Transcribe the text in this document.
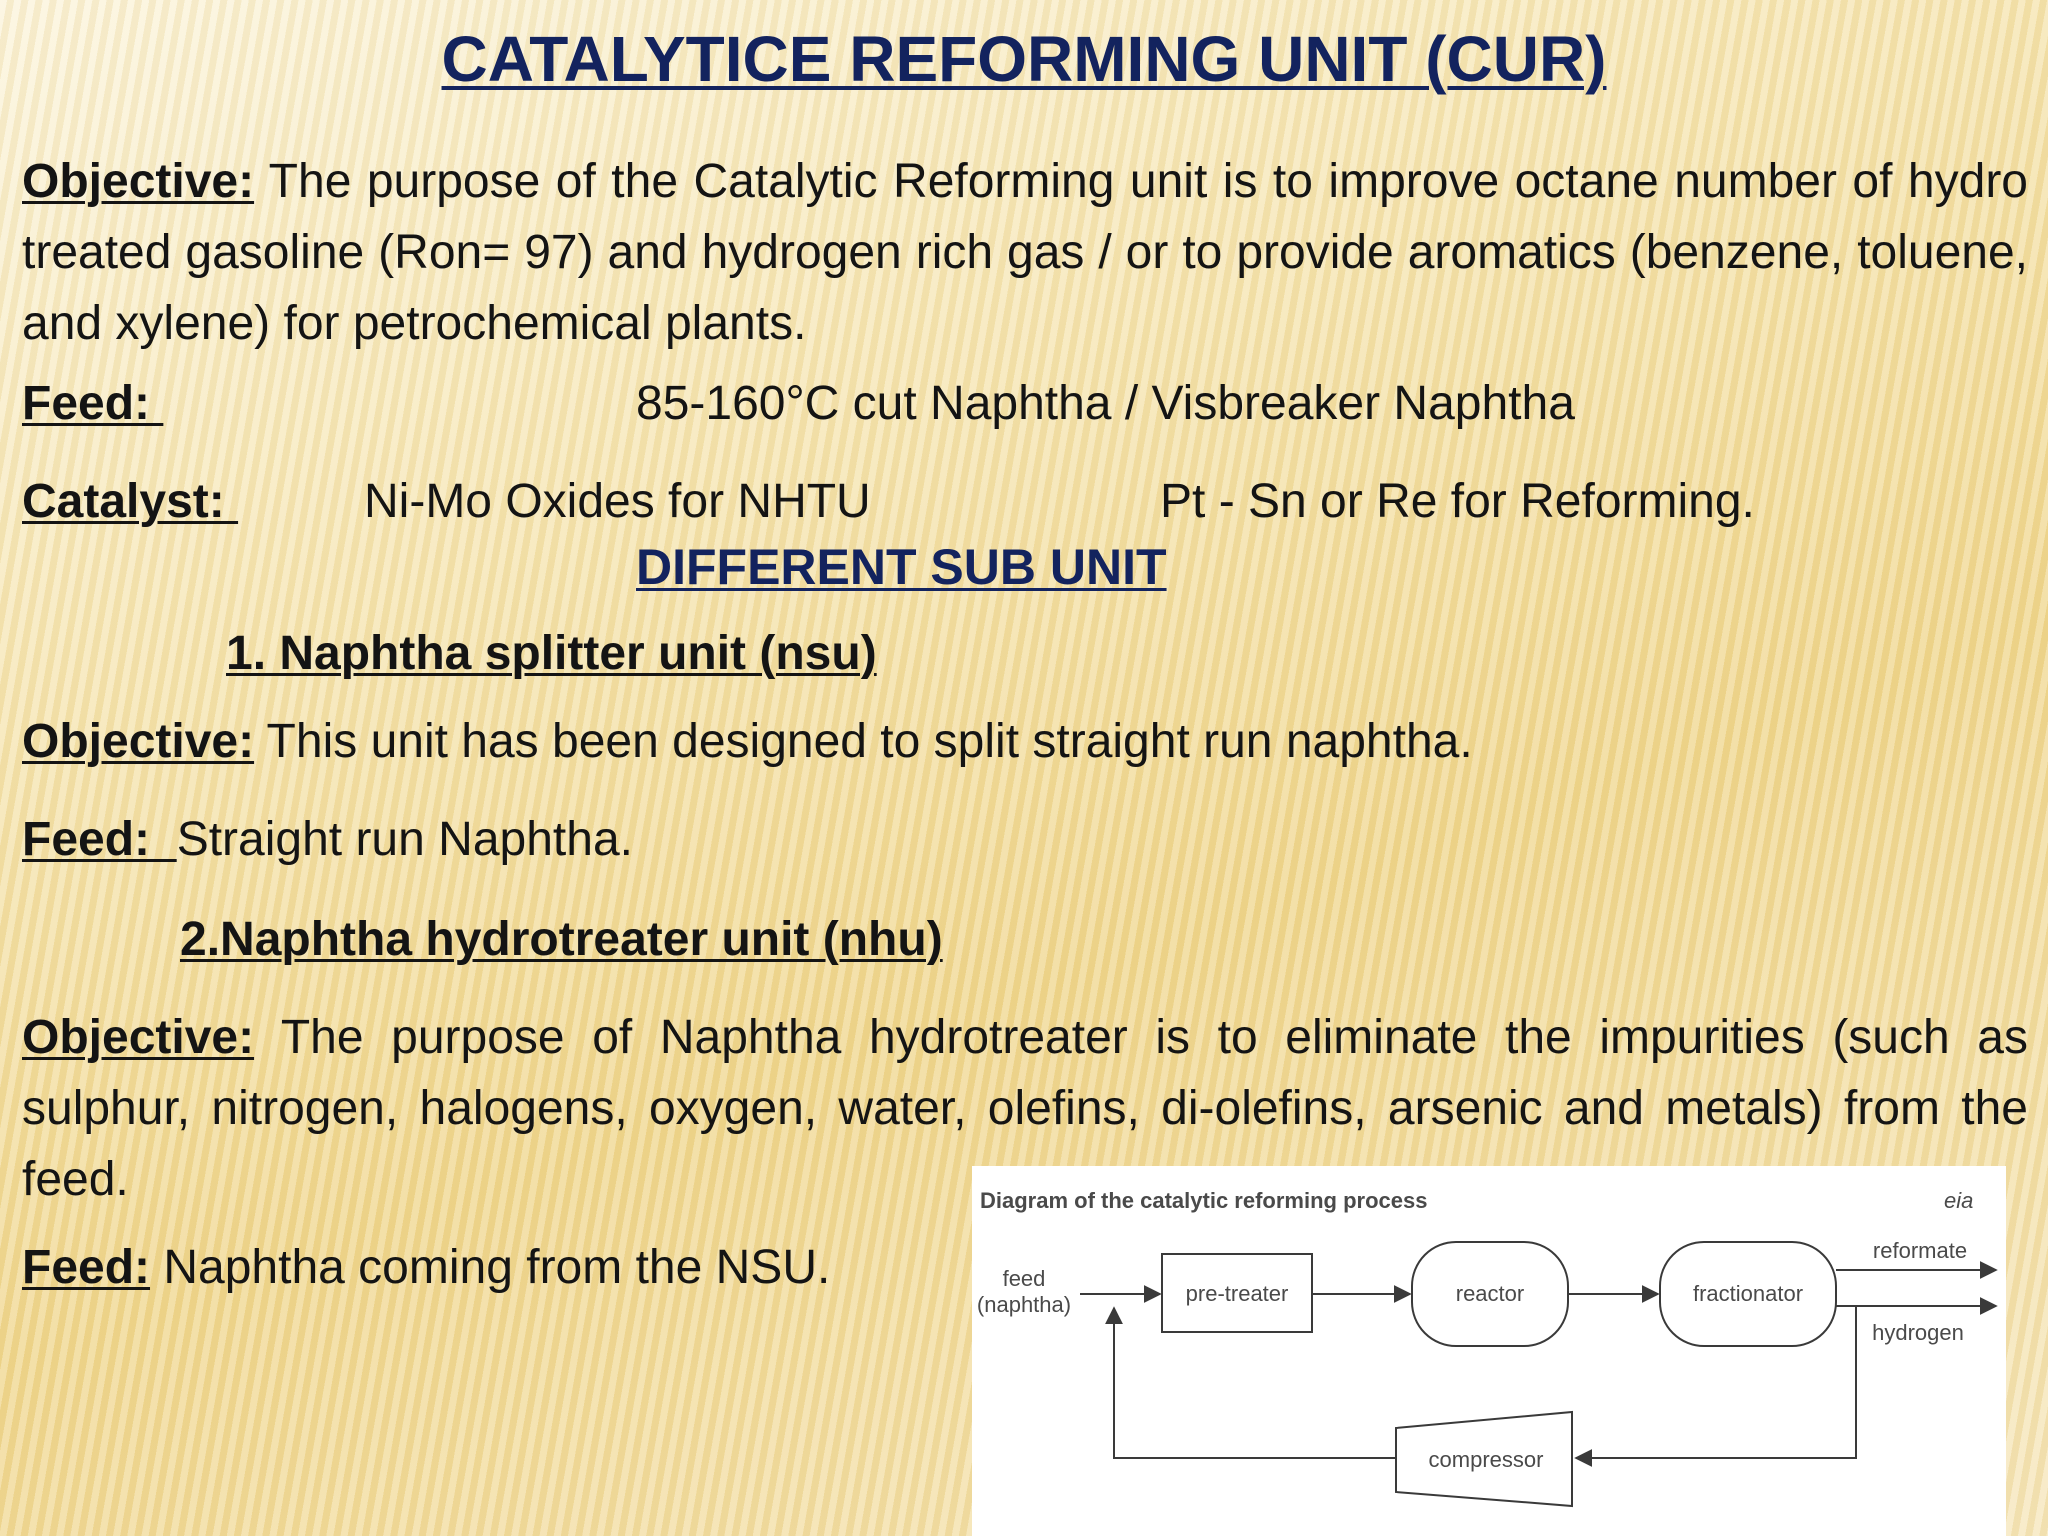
CATALYTICE REFORMING UNIT (CUR)
Objective: The purpose of the Catalytic Reforming unit is to improve octane number of hydro treated gasoline (Ron= 97) and hydrogen rich gas / or to provide aromatics (benzene, toluene, and xylene) for petrochemical plants.
Feed:	85-160°C cut Naphtha / Visbreaker Naphtha
Catalyst:	Ni-Mo Oxides for NHTU	Pt - Sn or Re for Reforming.
DIFFERENT SUB UNIT
1. Naphtha splitter unit (nsu)
Objective: This unit has been designed to split straight run naphtha.
Feed:  Straight run Naphtha.
2.Naphtha hydrotreater unit (nhu)
Objective: The purpose of Naphtha hydrotreater is to eliminate the impurities (such as sulphur, nitrogen, halogens, oxygen, water, olefins, di-olefins, arsenic and metals) from the feed.
Feed: Naphtha coming from the NSU.
Diagram of the catalytic reforming process	eia
feed
(naphtha)	pre-treater	reactor	fractionator
reformate
hydrogen
compressor
